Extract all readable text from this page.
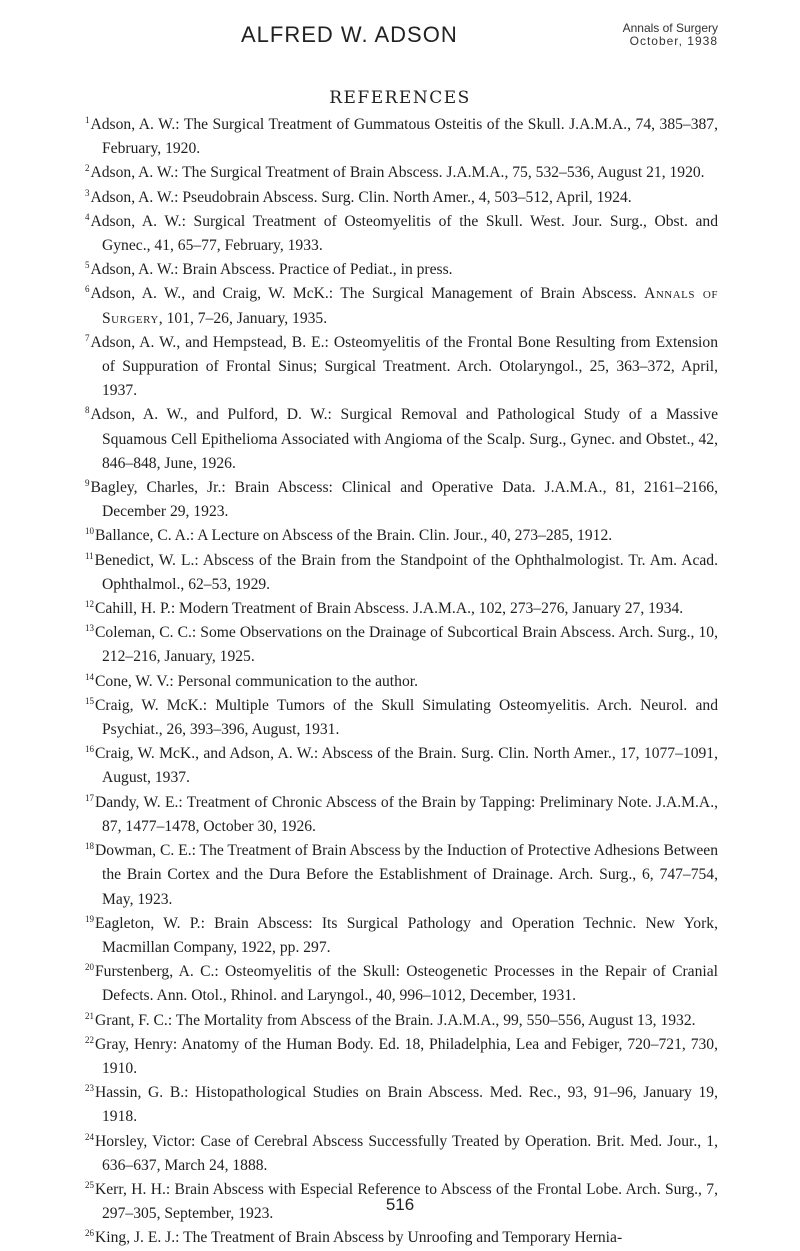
ALFRED W. ADSON	Annals of Surgery
October, 1938
REFERENCES
$^1$Adson, A. W.: The Surgical Treatment of Gummatous Osteitis of the Skull. J.A.M.A., 74, 385–387, February, 1920.
$^2$Adson, A. W.: The Surgical Treatment of Brain Abscess. J.A.M.A., 75, 532–536, August 21, 1920.
$^3$Adson, A. W.: Pseudobrain Abscess. Surg. Clin. North Amer., 4, 503–512, April, 1924.
$^4$Adson, A. W.: Surgical Treatment of Osteomyelitis of the Skull. West. Jour. Surg., Obst. and Gynec., 41, 65–77, February, 1933.
$^5$Adson, A. W.: Brain Abscess. Practice of Pediat., in press.
$^6$Adson, A. W., and Craig, W. McK.: The Surgical Management of Brain Abscess. Annals of Surgery, 101, 7–26, January, 1935.
$^7$Adson, A. W., and Hempstead, B. E.: Osteomyelitis of the Frontal Bone Resulting from Extension of Suppuration of Frontal Sinus; Surgical Treatment. Arch. Otolaryngol., 25, 363–372, April, 1937.
$^8$Adson, A. W., and Pulford, D. W.: Surgical Removal and Pathological Study of a Massive Squamous Cell Epithelioma Associated with Angioma of the Scalp. Surg., Gynec. and Obstet., 42, 846–848, June, 1926.
$^9$Bagley, Charles, Jr.: Brain Abscess: Clinical and Operative Data. J.A.M.A., 81, 2161–2166, December 29, 1923.
$^{10}$Ballance, C. A.: A Lecture on Abscess of the Brain. Clin. Jour., 40, 273–285, 1912.
$^{11}$Benedict, W. L.: Abscess of the Brain from the Standpoint of the Ophthalmologist. Tr. Am. Acad. Ophthalmol., 62–53, 1929.
$^{12}$Cahill, H. P.: Modern Treatment of Brain Abscess. J.A.M.A., 102, 273–276, January 27, 1934.
$^{13}$Coleman, C. C.: Some Observations on the Drainage of Subcortical Brain Abscess. Arch. Surg., 10, 212–216, January, 1925.
$^{14}$Cone, W. V.: Personal communication to the author.
$^{15}$Craig, W. McK.: Multiple Tumors of the Skull Simulating Osteomyelitis. Arch. Neurol. and Psychiat., 26, 393–396, August, 1931.
$^{16}$Craig, W. McK., and Adson, A. W.: Abscess of the Brain. Surg. Clin. North Amer., 17, 1077–1091, August, 1937.
$^{17}$Dandy, W. E.: Treatment of Chronic Abscess of the Brain by Tapping: Preliminary Note. J.A.M.A., 87, 1477–1478, October 30, 1926.
$^{18}$Dowman, C. E.: The Treatment of Brain Abscess by the Induction of Protective Adhesions Between the Brain Cortex and the Dura Before the Establishment of Drainage. Arch. Surg., 6, 747–754, May, 1923.
$^{19}$Eagleton, W. P.: Brain Abscess: Its Surgical Pathology and Operation Technic. New York, Macmillan Company, 1922, pp. 297.
$^{20}$Furstenberg, A. C.: Osteomyelitis of the Skull: Osteogenetic Processes in the Repair of Cranial Defects. Ann. Otol., Rhinol. and Laryngol., 40, 996–1012, December, 1931.
$^{21}$Grant, F. C.: The Mortality from Abscess of the Brain. J.A.M.A., 99, 550–556, August 13, 1932.
$^{22}$Gray, Henry: Anatomy of the Human Body. Ed. 18, Philadelphia, Lea and Febiger, 720–721, 730, 1910.
$^{23}$Hassin, G. B.: Histopathological Studies on Brain Abscess. Med. Rec., 93, 91–96, January 19, 1918.
$^{24}$Horsley, Victor: Case of Cerebral Abscess Successfully Treated by Operation. Brit. Med. Jour., 1, 636–637, March 24, 1888.
$^{25}$Kerr, H. H.: Brain Abscess with Especial Reference to Abscess of the Frontal Lobe. Arch. Surg., 7, 297–305, September, 1923.
$^{26}$King, J. E. J.: The Treatment of Brain Abscess by Unroofing and Temporary Hernia-
516
